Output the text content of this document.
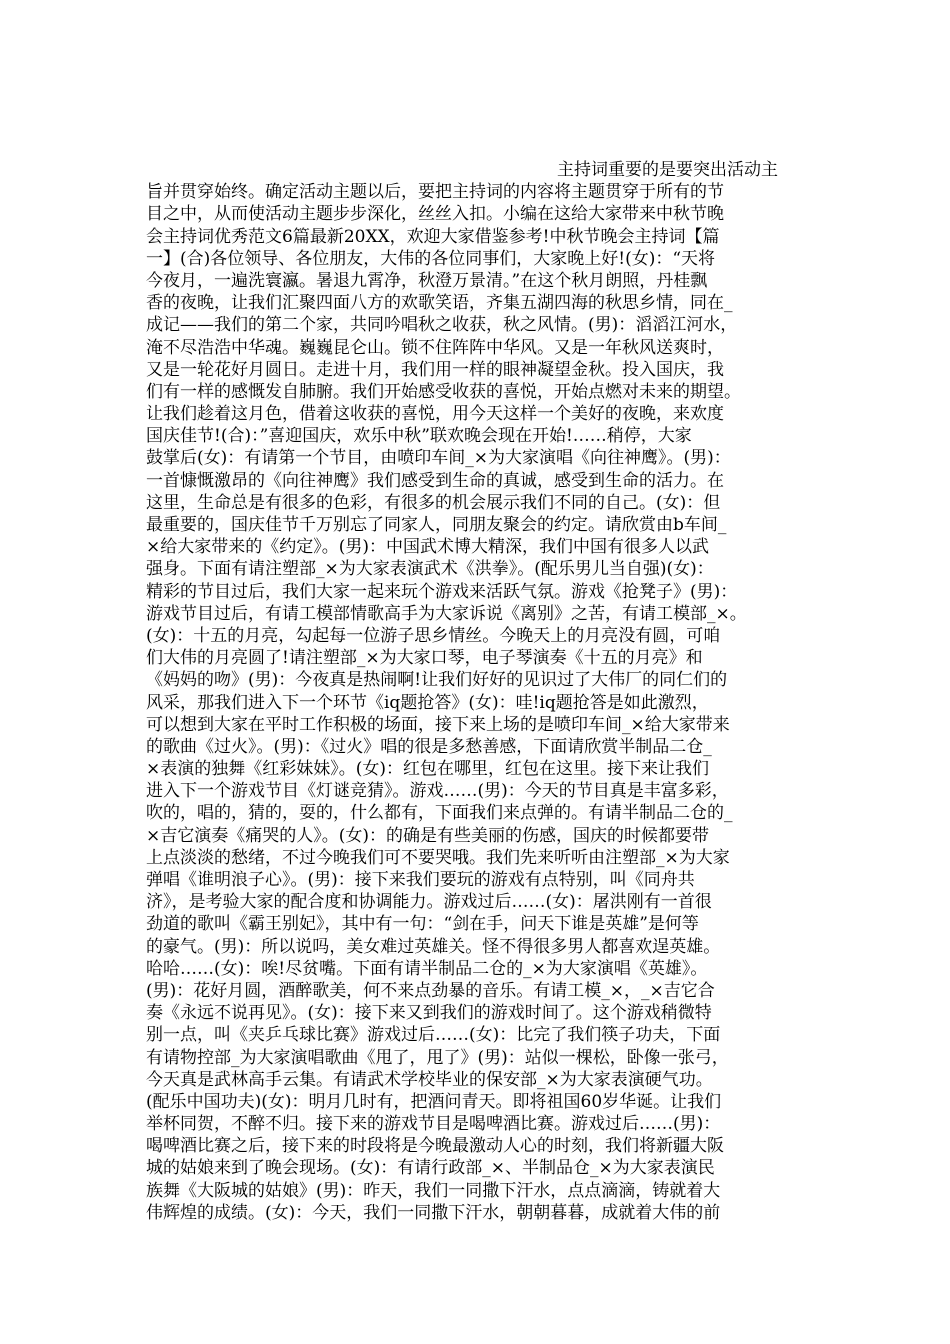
主持词重要的是要突出活动主
旨并贯穿始终。确定活动主题以后，要把主持词的内容将主题贯穿于所有的节
目之中，从而使活动主题步步深化，丝丝入扣。小编在这给大家带来中秋节晚
会主持词优秀范文6篇最新20XX，欢迎大家借鉴参考!中秋节晚会主持词【篇
一】(合)各位领导、各位朋友，大伟的各位同事们，大家晚上好!(女)：“天将
今夜月，一遍洗寰瀛。暑退九霄净，秋澄万景清。”在这个秋月朗照，丹桂飘
香的夜晚，让我们汇聚四面八方的欢歌笑语，齐集五湖四海的秋思乡情，同在_
成记——我们的第二个家，共同吟唱秋之收获，秋之风情。(男)：滔滔江河水，
淹不尽浩浩中华魂。巍巍昆仑山。锁不住阵阵中华风。又是一年秋风送爽时，
又是一轮花好月圆日。走进十月，我们用一样的眼神凝望金秋。投入国庆，我
们有一样的感慨发自肺腑。我们开始感受收获的喜悦，开始点燃对未来的期望。
让我们趁着这月色，借着这收获的喜悦，用今天这样一个美好的夜晚，来欢度
国庆佳节!(合)：”喜迎国庆，欢乐中秋”联欢晚会现在开始!……稍停，大家
鼓掌后(女)：有请第一个节目，由喷印车间_×为大家演唱《向往神鹰》。(男)：
一首慷慨激昂的《向往神鹰》我们感受到生命的真诚，感受到生命的活力。在
这里，生命总是有很多的色彩，有很多的机会展示我们不同的自己。(女)：但
最重要的，国庆佳节千万别忘了同家人，同朋友聚会的约定。请欣赏由b车间_
×给大家带来的《约定》。(男)：中国武术博大精深，我们中国有很多人以武
强身。下面有请注塑部_×为大家表演武术《洪拳》。(配乐男儿当自强)(女)：
精彩的节目过后，我们大家一起来玩个游戏来活跃气氛。游戏《抢凳子》(男)：
游戏节目过后，有请工模部情歌高手为大家诉说《离别》之苦，有请工模部_×。
(女)：十五的月亮，勾起每一位游子思乡情丝。今晚天上的月亮没有圆，可咱
们大伟的月亮圆了!请注塑部_×为大家口琴，电子琴演奏《十五的月亮》和
《妈妈的吻》(男)：今夜真是热闹啊!让我们好好的见识过了大伟厂的同仁们的
风采，那我们进入下一个环节《iq题抢答》(女)：哇!iq题抢答是如此激烈，
可以想到大家在平时工作积极的场面，接下来上场的是喷印车间_×给大家带来
的歌曲《过火》。(男)：《过火》唱的很是多愁善感，下面请欣赏半制品二仓_
×表演的独舞《红彩妹妹》。(女)：红包在哪里，红包在这里。接下来让我们
进入下一个游戏节目《灯谜竞猜》。游戏……(男)：今天的节目真是丰富多彩，
吹的，唱的，猜的，耍的，什么都有，下面我们来点弹的。有请半制品二仓的_
×吉它演奏《痛哭的人》。(女)：的确是有些美丽的伤感，国庆的时候都要带
上点淡淡的愁绪，不过今晚我们可不要哭哦。我们先来听听由注塑部_×为大家
弹唱《谁明浪子心》。(男)：接下来我们要玩的游戏有点特别，叫《同舟共
济》，是考验大家的配合度和协调能力。游戏过后……(女)：屠洪刚有一首很
劲道的歌叫《霸王别妃》，其中有一句：“剑在手，问天下谁是英雄”是何等
的豪气。(男)：所以说吗，美女难过英雄关。怪不得很多男人都喜欢逞英雄。
哈哈……(女)：唉!尽贫嘴。下面有请半制品二仓的_×为大家演唱《英雄》。
(男)：花好月圆，酒醉歌美，何不来点劲暴的音乐。有请工模_×，_×吉它合
奏《永远不说再见》。(女)：接下来又到我们的游戏时间了。这个游戏稍微特
别一点，叫《夹乒乓球比赛》游戏过后……(女)：比完了我们筷子功夫，下面
有请物控部_为大家演唱歌曲《甩了，甩了》(男)：站似一棵松，卧像一张弓，
今天真是武林高手云集。有请武术学校毕业的保安部_×为大家表演硬气功。
(配乐中国功夫)(女)：明月几时有，把酒问青天。即将祖国60岁华诞。让我们
举杯同贺，不醉不归。接下来的游戏节目是喝啤酒比赛。游戏过后……(男)：
喝啤酒比赛之后，接下来的时段将是今晚最激动人心的时刻，我们将新疆大阪
城的姑娘来到了晚会现场。(女)：有请行政部_×、半制品仓_×为大家表演民
族舞《大阪城的姑娘》(男)：昨天，我们一同撒下汗水，点点滴滴，铸就着大
伟辉煌的成绩。(女)：今天，我们一同撒下汗水，朝朝暮暮，成就着大伟的前
